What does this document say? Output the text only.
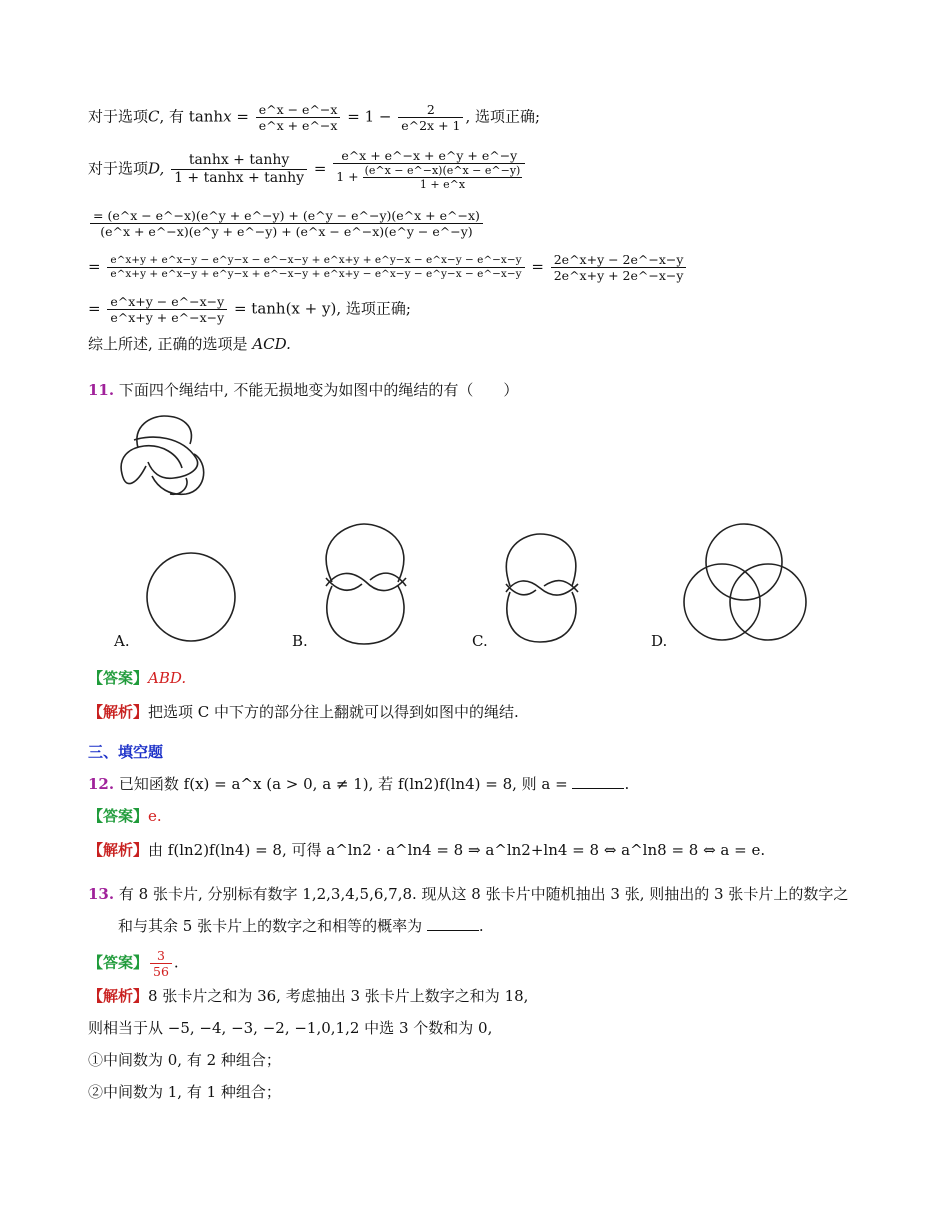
对于选项C, 有 $\tanh x = \frac{e\^{}x - e\^{}-x}{e\^{}x + e\^{}-x} = 1 - \frac{2}{e\^{}2x + 1}$ , 选项正确;
对于选项D, $\frac{\tanh x + \tanh y}{1 + \tanh x + \tanh y} = \frac{e\^{}x + e\^{}-x + e\^{}y + e\^{}-y}{1 + \frac{(e\^{}x - e\^{}-x)(e\^{}x - e\^{}-y)}{1 + e\^{}x}}$
$\frac{= (e\^{}x - e\^{}-x)(e\^{}y + e\^{}-y) + (e\^{}y - e\^{}-y)(e\^{}x + e\^{}-x)}{(e\^{}x + e\^{}-x)(e\^{}y + e\^{}-y) + (e\^{}x - e\^{}-x)(e\^{}y - e\^{}-y)}$
= e^x+y + e^x−y − e^y−x − e^−x−y + e^x+y + e^y−x − e^x−y − e^−x−y
e^x+y + e^x−y + e^y−x + e^−x−y + e^x+y − e^x−y − e^y−x − e^−x−y = $\frac{2e\^{}x+y - 2e\^{}-x-y}{2e\^{}x+y + 2e\^{}-x-y}$
= $\frac{e\^{}x+y - e\^{}-x-y}{e\^{}x+y + e\^{}-x-y} = \tanh(x + y)$, 选项正确;
综上所述, 正确的选项是 ACD.
11. 下面四个绳结中, 不能无损地变为如图中的绳结的有（　　）
A.	B.	C.	D.
【答案】ABD.
【解析】把选项 C 中下方的部分往上翻就可以得到如图中的绳结.
三、填空题
12. 已知函数 f(x) = a^x (a > 0, a ≠ 1), 若 f(ln2)f(ln4) = 8, 则 a =	.
【答案】e.
【解析】由 f(ln2)f(ln4) = 8, 可得 a^ln2 · a^ln4 = 8 ⇒ a^ln2+ln4 = 8 ⇔ a^ln8 = 8 ⇔ a = e.
13. 有 8 张卡片, 分别标有数字 1,2,3,4,5,6,7,8. 现从这 8 张卡片中随机抽出 3 张, 则抽出的 3 张卡片上的数字之
和与其余 5 张卡片上的数字之和相等的概率为	.
【答案】 $\frac{3}{56}$ .
【解析】8 张卡片之和为 36, 考虑抽出 3 张卡片上数字之和为 18,
则相当于从 −5, −4, −3, −2, −1,0,1,2 中选 3 个数和为 0,
①中间数为 0, 有 2 种组合；
②中间数为 1, 有 1 种组合；
